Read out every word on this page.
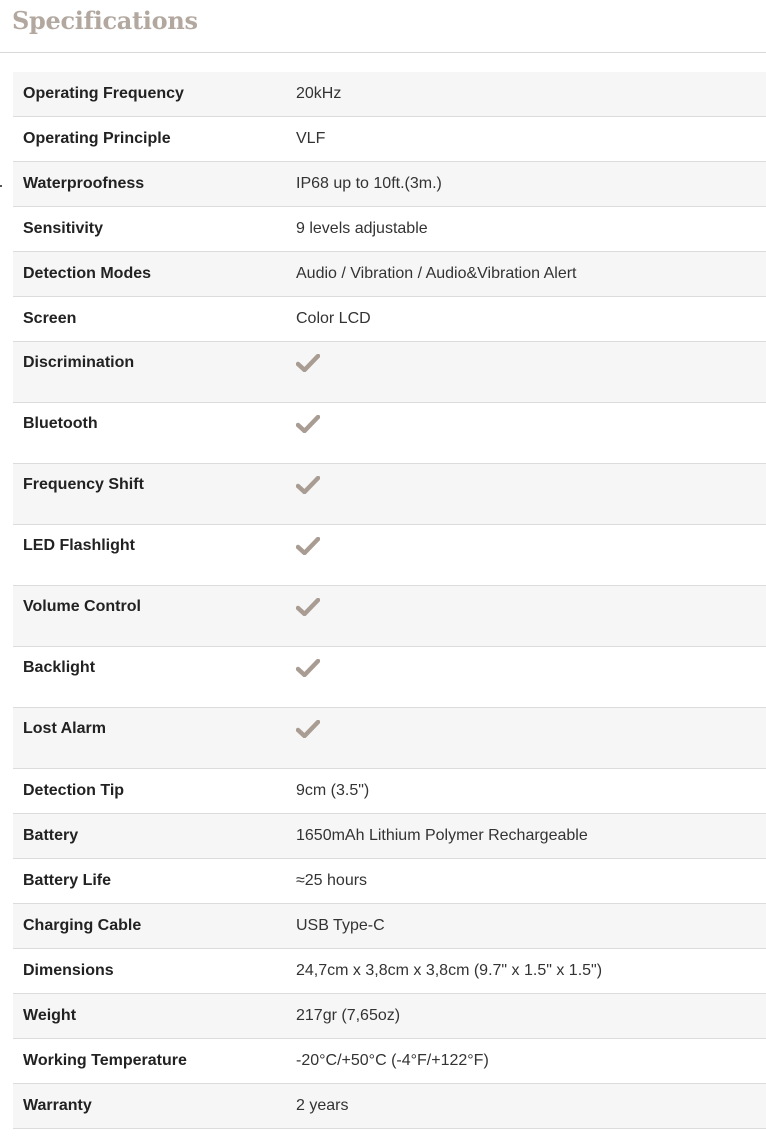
Specifications
Operating Frequency	20kHz
Operating Principle	VLF
Waterproofness	IP68 up to 10ft.(3m.)
Sensitivity	9 levels adjustable
Detection Modes	Audio / Vibration / Audio&Vibration Alert
Screen	Color LCD
Discrimination	
Bluetooth	
Frequency Shift	
LED Flashlight	
Volume Control	
Backlight	
Lost Alarm	
Detection Tip	9cm (3.5")
Battery	1650mAh Lithium Polymer Rechargeable
Battery Life	≈25 hours
Charging Cable	USB Type-C
Dimensions	24,7cm x 3,8cm x 3,8cm (9.7" x 1.5" x 1.5")
Weight	217gr (7,65oz)
Working Temperature	-20°C/+50°C (-4°F/+122°F)
Warranty	2 years
